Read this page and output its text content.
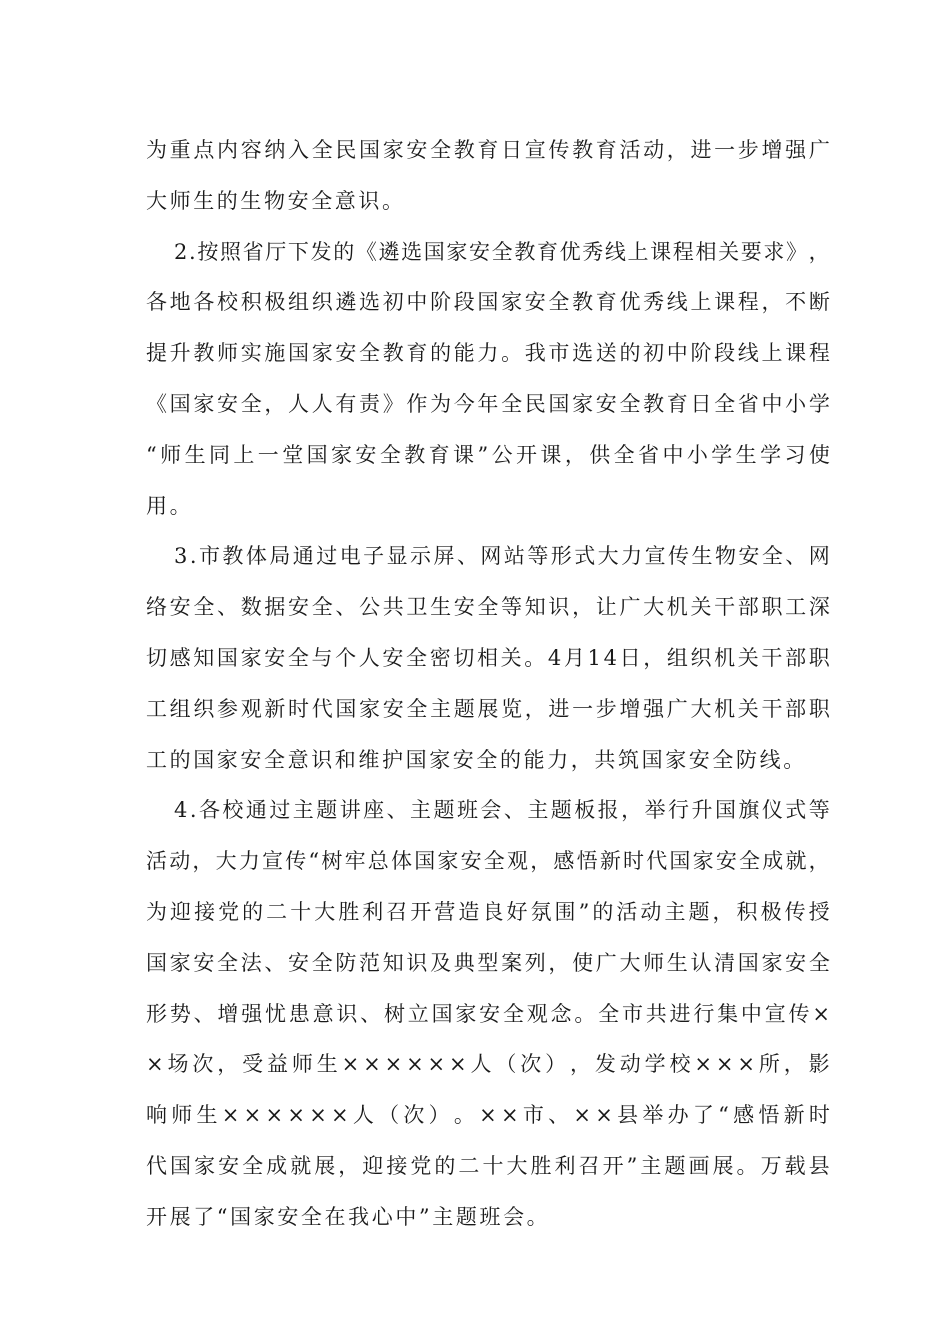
为 重 点 内 容 纳 入 全 民 国 家 安 全 教 育 日 宣 传 教 育 活 动 ， 进 一 步 增 强 广
大师生的生物安全意识。
2 . 按 照 省 厅 下 发 的 《 遴 选 国 家 安 全 教 育 优 秀 线 上 课 程 相 关 要 求 》 ，
各 地 各 校 积 极 组 织 遴 选 初 中 阶 段 国 家 安 全 教 育 优 秀 线 上 课 程 ， 不 断
提 升 教 师 实 施 国 家 安 全 教 育 的 能 力 。 我 市 选 送 的 初 中 阶 段 线 上 课 程
《 国 家 安 全 ， 人 人 有 责 》 作 为 今 年 全 民 国 家 安 全 教 育 日 全 省 中 小 学
“ 师 生 同 上 一 堂 国 家 安 全 教 育 课 ” 公 开 课 ， 供 全 省 中 小 学 生 学 习 使
用。
3 . 市 教 体 局 通 过 电 子 显 示 屏 、 网 站 等 形 式 大 力 宣 传 生 物 安 全 、 网
络 安 全 、 数 据 安 全 、 公 共 卫 生 安 全 等 知 识 ， 让 广 大 机 关 干 部 职 工 深
切 感 知 国 家 安 全 与 个 人 安 全 密 切 相 关 。 4 月 1 4 日 ， 组 织 机 关 干 部 职
工 组 织 参 观 新 时 代 国 家 安 全 主 题 展 览 ， 进 一 步 增 强 广 大 机 关 干 部 职
工的国家安全意识和维护国家安全的能力，共筑国家安全防线。
4 . 各 校 通 过 主 题 讲 座 、 主 题 班 会 、 主 题 板 报 ， 举 行 升 国 旗 仪 式 等
活 动 ， 大 力 宣 传 “ 树 牢 总 体 国 家 安 全 观 ， 感 悟 新 时 代 国 家 安 全 成 就 ，
为 迎 接 党 的 二 十 大 胜 利 召 开 营 造 良 好 氛 围 ” 的 活 动 主 题 ， 积 极 传 授
国 家 安 全 法 、 安 全 防 范 知 识 及 典 型 案 列 ， 使 广 大 师 生 认 清 国 家 安 全
形 势 、 增 强 忧 患 意 识 、 树 立 国 家 安 全 观 念 。 全 市 共 进 行 集 中 宣 传 ×
× 场 次 ， 受 益 师 生 × × × × × × 人 （ 次 ） ， 发 动 学 校 × × × 所 ， 影
响 师 生 × × × × × × 人 （ 次 ） 。 × × 市 、 × × 县 举 办 了 “ 感 悟 新 时
代 国 家 安 全 成 就 展 ， 迎 接 党 的 二 十 大 胜 利 召 开 ” 主 题 画 展 。 万 载 县
开展了“国家安全在我心中”主题班会。
